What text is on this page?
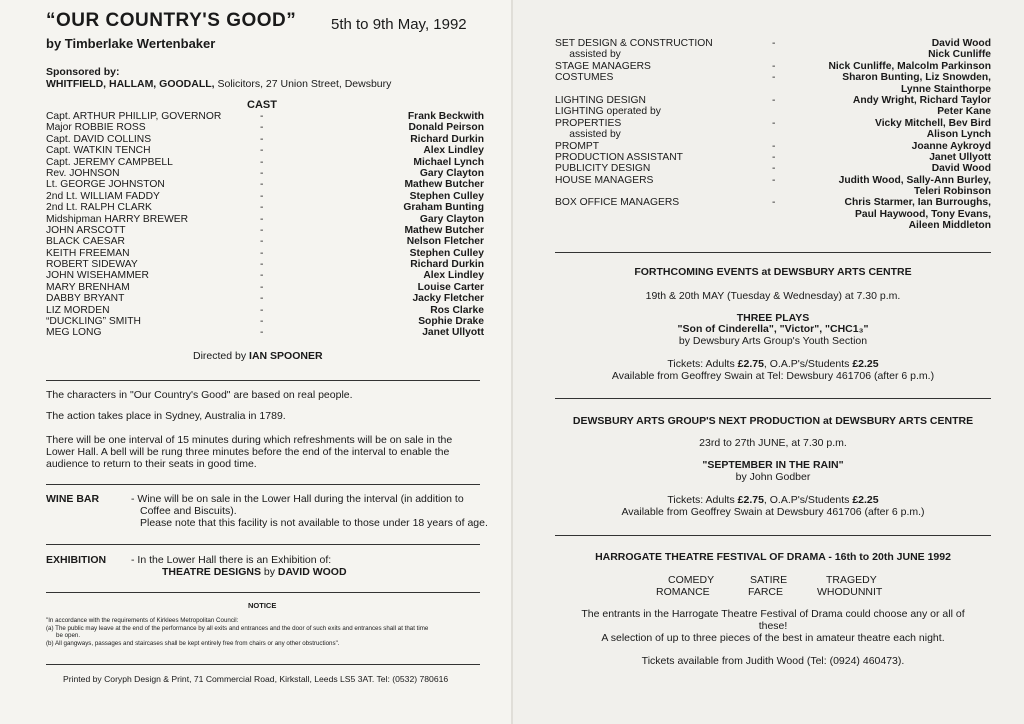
“OUR COUNTRY'S GOOD” 5th to 9th May, 1992
by Timberlake Wertenbaker
Sponsored by:
WHITFIELD, HALLAM, GOODALL, Solicitors, 27 Union Street, Dewsbury
CAST
Capt. ARTHUR PHILLIP, GOVERNOR	-	Frank Beckwith
Major ROBBIE ROSS	-	Donald Peirson
Capt. DAVID COLLINS	-	Richard Durkin
Capt. WATKIN TENCH	-	Alex Lindley
Capt. JEREMY CAMPBELL	-	Michael Lynch
Rev. JOHNSON	-	Gary Clayton
Lt. GEORGE JOHNSTON	-	Mathew Butcher
2nd Lt. WILLIAM FADDY	-	Stephen Culley
2nd Lt. RALPH CLARK	-	Graham Bunting
Midshipman HARRY BREWER	-	Gary Clayton
JOHN ARSCOTT	-	Mathew Butcher
BLACK CAESAR	-	Nelson Fletcher
KEITH FREEMAN	-	Stephen Culley
ROBERT SIDEWAY	-	Richard Durkin
JOHN WISEHAMMER	-	Alex Lindley
MARY BRENHAM	-	Louise Carter
DABBY BRYANT	-	Jacky Fletcher
LIZ MORDEN	-	Ros Clarke
“DUCKLING” SMITH	-	Sophie Drake
MEG LONG	-	Janet Ullyott
Directed by IAN SPOONER
The characters in "Our Country's Good" are based on real people.
The action takes place in Sydney, Australia in 1789.
There will be one interval of 15 minutes during which refreshments will be on sale in the
Lower Hall. A bell will be rung three minutes before the end of the interval to enable the
audience to return to their seats in good time.
WINE BAR	- Wine will be on sale in the Lower Hall during the interval (in addition to
Coffee and Biscuits).
Please note that this facility is not available to those under 18 years of age.
EXHIBITION - In the Lower Hall there is an Exhibition of:
THEATRE DESIGNS by DAVID WOOD
NOTICE
"In accordance with the requirements of Kirklees Metropolitan Council:
(a) The public may leave at the end of the performance by all exits and entrances and the door of such exits and entrances shall at that time
be open.
(b) All gangways, passages and staircases shall be kept entirely free from chairs or any other obstructions".
Printed by Coryph Design & Print, 71 Commercial Road, Kirkstall, Leeds LS5 3AT. Tel: (0532) 780616
SET DESIGN & CONSTRUCTION	-	David Wood
assisted by	Nick Cunliffe
STAGE MANAGERS	-	Nick Cunliffe, Malcolm Parkinson
COSTUMES	-	Sharon Bunting, Liz Snowden,
Lynne Stainthorpe
LIGHTING DESIGN	-	Andy Wright, Richard Taylor
LIGHTING operated by	Peter Kane
PROPERTIES	-	Vicky Mitchell, Bev Bird
assisted by	Alison Lynch
PROMPT	-	Joanne Aykroyd
PRODUCTION ASSISTANT	-	Janet Ullyott
PUBLICITY DESIGN	-	David Wood
HOUSE MANAGERS	-	Judith Wood, Sally-Ann Burley,
Teleri Robinson
BOX OFFICE MANAGERS	-	Chris Starmer, Ian Burroughs,
Paul Haywood, Tony Evans,
Aileen Middleton
FORTHCOMING EVENTS at DEWSBURY ARTS CENTRE
19th & 20th MAY (Tuesday & Wednesday) at 7.30 p.m.
THREE PLAYS
"Son of Cinderella", "Victor", "CHC1₃"
by Dewsbury Arts Group's Youth Section
Tickets: Adults £2.75, O.A.P's/Students £2.25
Available from Geoffrey Swain at Tel: Dewsbury 461706 (after 6 p.m.)
DEWSBURY ARTS GROUP'S NEXT PRODUCTION at DEWSBURY ARTS CENTRE
23rd to 27th JUNE, at 7.30 p.m.
"SEPTEMBER IN THE RAIN"
by John Godber
Tickets: Adults £2.75, O.A.P's/Students £2.25
Available from Geoffrey Swain at Dewsbury 461706 (after 6 p.m.)
HARROGATE THEATRE FESTIVAL OF DRAMA - 16th to 20th JUNE 1992
COMEDY	SATIRE	TRAGEDY
ROMANCE	FARCE	WHODUNNIT
The entrants in the Harrogate Theatre Festival of Drama could choose any or all of
these!
A selection of up to three pieces of the best in amateur theatre each night.
Tickets available from Judith Wood (Tel: (0924) 460473).
